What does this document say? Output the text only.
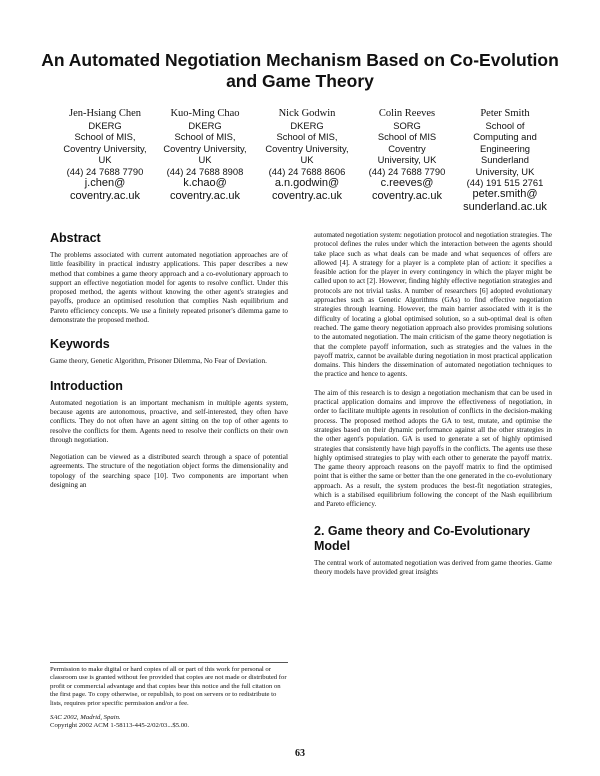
An Automated Negotiation Mechanism Based on Co-Evolution and Game Theory
Jen-Hsiang Chen
DKERG
School of MIS,
Coventry University,
UK
(44) 24 7688 7790
j.chen@
coventry.ac.uk
Kuo-Ming Chao
DKERG
School of MIS,
Coventry University,
UK
(44) 24 7688 8908
k.chao@
coventry.ac.uk
Nick Godwin
DKERG
School of MIS,
Coventry University,
UK
(44) 24 7688 8606
a.n.godwin@
coventry.ac.uk
Colin Reeves
SORG
School of MIS
Coventry
University, UK
(44) 24 7688 7790
c.reeves@
coventry.ac.uk
Peter Smith
School of
Computing and
Engineering
Sunderland
University, UK
(44) 191 515 2761
peter.smith@
sunderland.ac.uk
Abstract

The problems associated with current automated negotiation approaches are of little feasibility in practical industry applications. This paper describes a new method that combines a game theory approach and a co-evolutionary approach to support an effective negotiation model for agents to resolve conflict. Under this proposed method, the agents without knowing the other agent's strategies and payoffs, produce an optimised resolution that complies Nash equilibrium and Pareto efficiency concepts. We use a finitely repeated prisoner's dilemma game to demonstrate the proposed method.

Keywords

Game theory, Genetic Algorithm, Prisoner Dilemma, No Fear of Deviation.

Introduction

Automated negotiation is an important mechanism in multiple agents system, because agents are autonomous, proactive, and self-interested, they often have conflicts. They do not often have an agent sitting on the top of other agents to resolve the conflicts for them. Agents need to resolve their conflicts on their own through negotiation.

Negotiation can be viewed as a distributed search through a space of potential agreements. The structure of the negotiation object forms the dimensionality and topology of the searching space [10]. Two components are important when designing an

Permission to make digital or hard copies of all or part of this work for personal or classroom use is granted without fee provided that copies are not made or distributed for profit or commercial advantage and that copies bear this notice and the full citation on the first page. To copy otherwise, or republish, to post on servers or to redistribute to lists, requires prior specific permission and/or a fee.

SAC 2002, Madrid, Spain.

Copyright 2002 ACM 1-58113-445-2/02/03...$5.00.

automated negotiation system: negotiation protocol and negotiation strategies. The protocol defines the rules under which the interaction between the agents should take place such as what deals can be made and what sequences of offers are allowed [4]. A strategy for a player is a complete plan of action: it specifies a feasible action for the player in every contingency in which the player might be called upon to act [2]. However, finding highly effective negotiation strategies and protocols are not trivial tasks. A number of researchers [6] adopted evolutionary approaches such as Genetic Algorithms (GAs) to find effective negotiation strategies through learning. However, the main barrier associated with it is the difficulty of locating a global optimised solution, so a sub-optimal deal is often reached. The game theory negotiation approach also provides promising solutions to the automated negotiation. The main criticism of the game theory negotiation is that the complete payoff information, such as strategies and the values in the payoff matrix, cannot be available during negotiation in most practical application domains. This hinders the dissemination of automated negotiation techniques to the practice and hence to agents.

The aim of this research is to design a negotiation mechanism that can be used in practical application domains and improve the effectiveness of negotiation, in order to facilitate multiple agents in resolution of conflicts in the decision-making process. The proposed method adopts the GA to test, mutate, and optimise the strategies based on their dynamic performance against all the other strategies in the other agent's population. GA is used to generate a set of highly optimised strategies that consistently have high payoffs in the conflicts. The agents use these highly optimised strategies to play with each other to generate the payoff matrix. The game theory approach reasons on the payoff matrix to find the optimised point that is either the same or better than the one generated in the co-evolutionary approach. As a result, the system produces the best-fit negotiation strategies, which is a stabilised equilibrium following the concept of the Nash equilibrium and Pareto efficiency.

2. Game theory and Co-Evolutionary Model

The central work of automated negotiation was derived from game theories. Game theory models have provided great insights

63
